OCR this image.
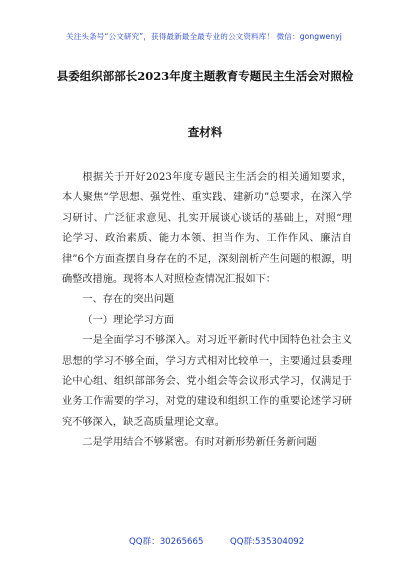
关注头条号“公文研究”，获得最新最全最专业的公文资料库！ 微信：gongwenyj
县委组织部部长2023年度主题教育专题民主生活会对照检
查材料

根据关于开好2023年度专题民主生活会的相关通知要求，本人聚焦“学思想、强党性、重实践、建新功”总要求，在深入学习研讨、广泛征求意见、扎实开展谈心谈话的基础上，对照“理论学习、政治素质、能力本领、担当作为、工作作风、廉洁自律”6个方面查摆自身存在的不足，深刻剖析产生问题的根源，明确整改措施。现将本人对照检查情况汇报如下：

一、存在的突出问题

（一）理论学习方面

一是全面学习不够深入。对习近平新时代中国特色社会主义思想的学习不够全面，学习方式相对比较单一，主要通过县委理论中心组、组织部部务会、党小组会等会议形式学习，仅满足于业务工作需要的学习，对党的建设和组织工作的重要论述学习研究不够深入，缺乏高质量理论文章。

二是学用结合不够紧密。有时对新形势新任务新问题

QQ群：30265665	QQ群:535304092
